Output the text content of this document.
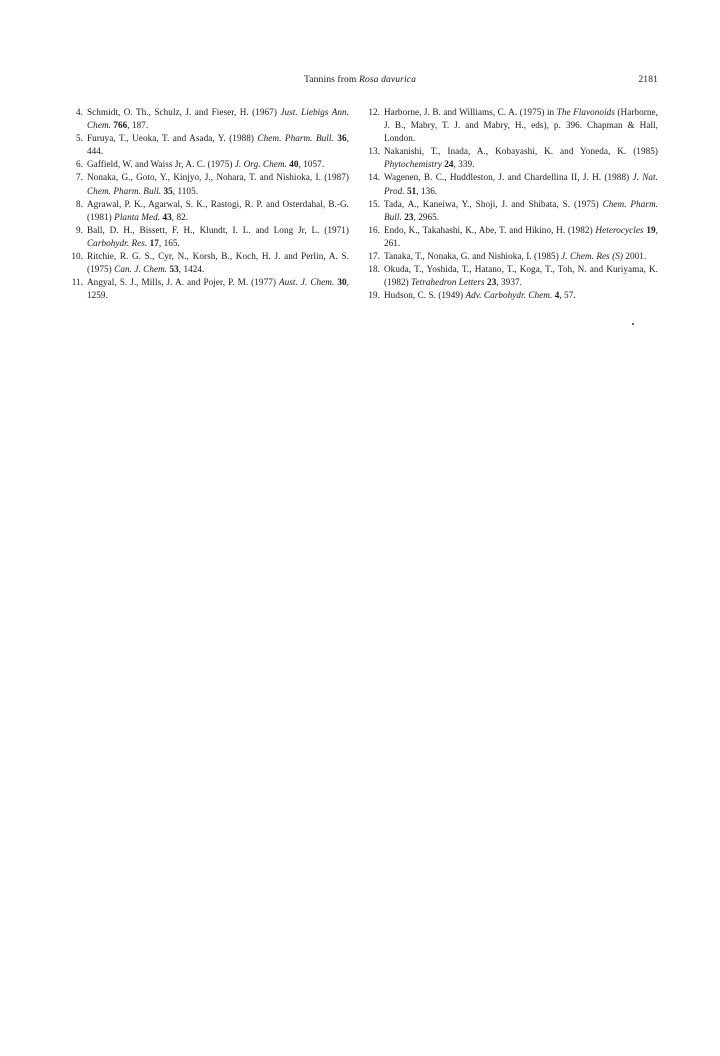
Tannins from Rosa davurica	2181
4. Schmidt, O. Th., Schulz, J. and Fieser, H. (1967) Just. Liebigs Ann. Chem. 766, 187.
5. Furuya, T., Ueoka, T. and Asada, Y. (1988) Chem. Pharm. Bull. 36, 444.
6. Gaffield, W. and Waiss Jr, A. C. (1975) J. Org. Chem. 40, 1057.
7. Nonaka, G., Goto, Y., Kinjyo, J., Nohara, T. and Nishioka, I. (1987) Chem. Pharm. Bull. 35, 1105.
8. Agrawal, P. K., Agarwal, S. K., Rastogi, R. P. and Osterdahal, B.-G. (1981) Planta Med. 43, 82.
9. Ball, D. H., Bissett, F. H., Klundt, I. L. and Long Jr, L. (1971) Carbohydr. Res. 17, 165.
10. Ritchie, R. G. S., Cyr, N., Korsh, B., Koch, H. J. and Perlin, A. S. (1975) Can. J. Chem. 53, 1424.
11. Angyal, S. J., Mills, J. A. and Pojer, P. M. (1977) Aust. J. Chem. 30, 1259.
12. Harborne, J. B. and Williams, C. A. (1975) in The Flavonoids (Harborne, J. B., Mabry, T. J. and Mabry, H., eds), p. 396. Chapman & Hall, London.
13. Nakanishi, T., Inada, A., Kobayashi, K. and Yoneda, K. (1985) Phytochemistry 24, 339.
14. Wagenen, B. C., Huddleston, J. and Chardellina II, J. H. (1988) J. Nat. Prod. 51, 136.
15. Tada, A., Kaneiwa, Y., Shoji, J. and Shibata, S. (1975) Chem. Pharm. Bull. 23, 2965.
16. Endo, K., Takahashi, K., Abe, T. and Hikino, H. (1982) Heterocycles 19, 261.
17. Tanaka, T., Nonaka, G. and Nishioka, I. (1985) J. Chem. Res (S) 2001.
18. Okuda, T., Yoshida, T., Hatano, T., Koga, T., Toh, N. and Kuriyama, K. (1982) Tetrahedron Letters 23, 3937.
19. Hudson, C. S. (1949) Adv. Carbohydr. Chem. 4, 57.
